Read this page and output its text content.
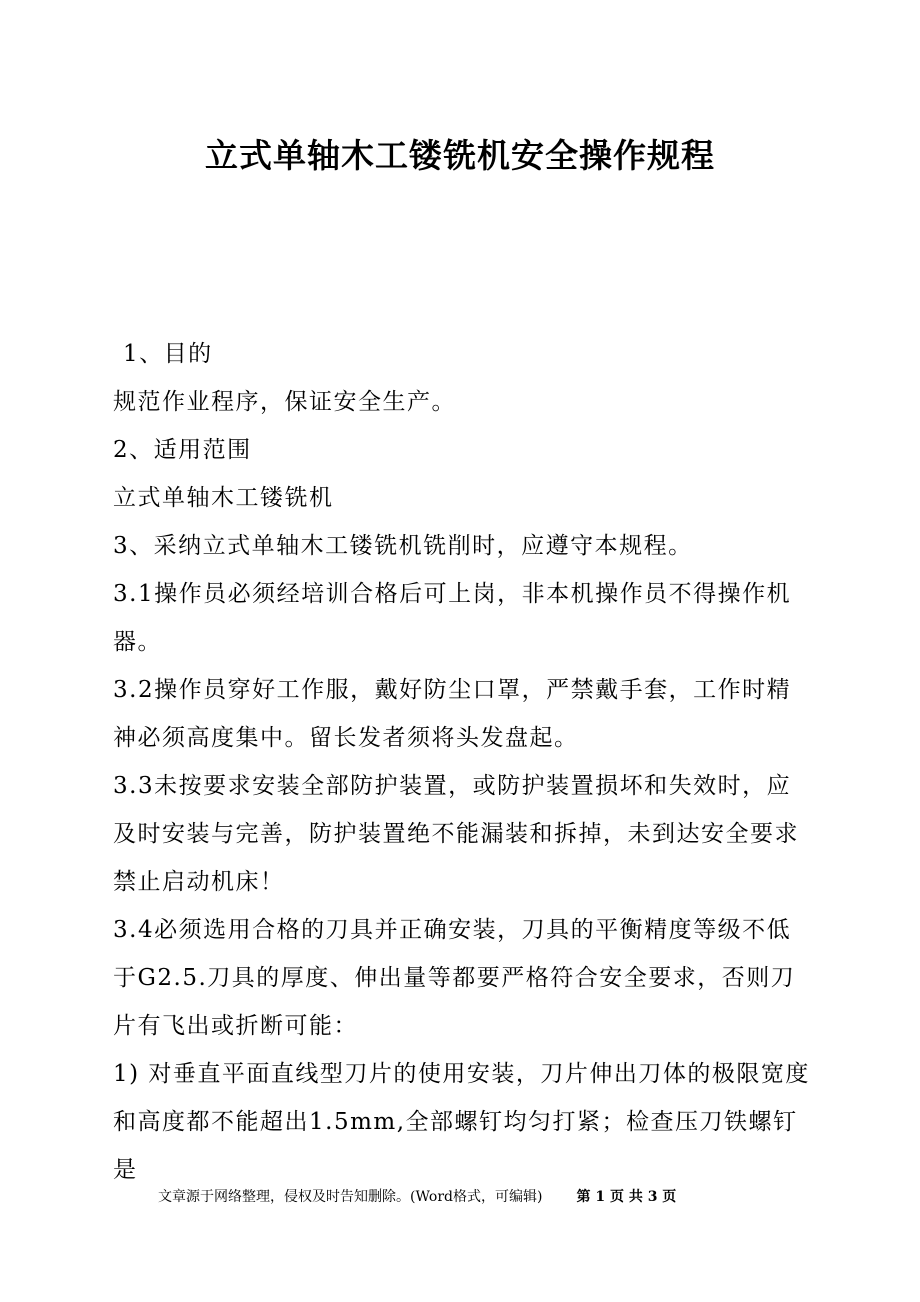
立式单轴木工镂铣机安全操作规程

1、目的

规范作业程序，保证安全生产。

2、适用范围

立式单轴木工镂铣机

3、采纳立式单轴木工镂铣机铣削时，应遵守本规程。

3.1操作员必须经培训合格后可上岗，非本机操作员不得操作机器。

3.2操作员穿好工作服，戴好防尘口罩，严禁戴手套，工作时精神必须高度集中。留长发者须将头发盘起。

3.3未按要求安装全部防护装置，或防护装置损坏和失效时，应及时安装与完善，防护装置绝不能漏装和拆掉，未到达安全要求禁止启动机床！

3.4必须选用合格的刀具并正确安装，刀具的平衡精度等级不低于G2.5.刀具的厚度、伸出量等都要严格符合安全要求，否则刀片有飞出或折断可能：

1) 对垂直平面直线型刀片的使用安装，刀片伸出刀体的极限宽度和高度都不能超出1.5mm,全部螺钉均匀打紧；检查压刀铁螺钉是

文章源于网络整理，侵权及时告知删除。(Word格式，可编辑) 第 1 页 共 3 页
